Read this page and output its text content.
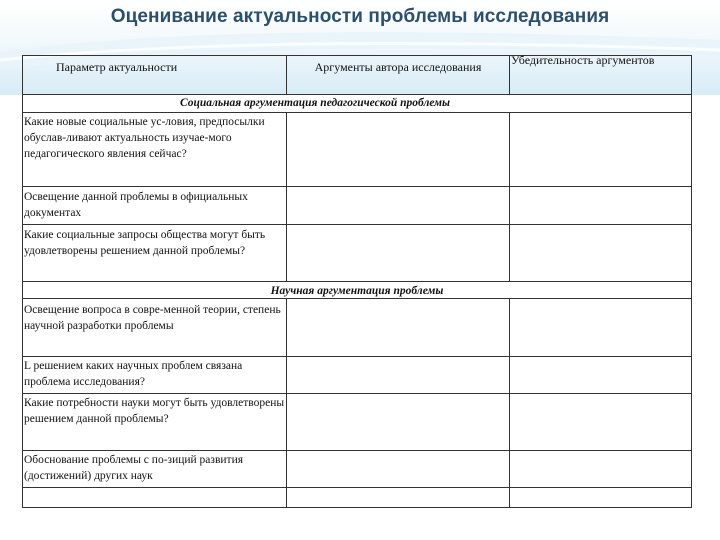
Оценивание актуальности проблемы исследования
Параметр актуальности	Аргументы автора исследования	Убедительность аргументов
Социальная аргументация педагогической проблемы
Какие новые социальные ус-ловия, предпосылки обуслав-ливают актуальность изучае-мого педагогического явления сейчас?
Освещение данной проблемы в официальных документах
Какие социальные запросы общества могут быть удовлетворены решением данной проблемы?
Научная аргументация проблемы
Освещение вопроса в совре-менной теории, степень научной разработки проблемы
L решением каких научных проблем связана проблема исследования?
Какие потребности науки могут быть удовлетворены решением данной проблемы?
Обоснование проблемы с по-зиций развития (достижений) других наук
